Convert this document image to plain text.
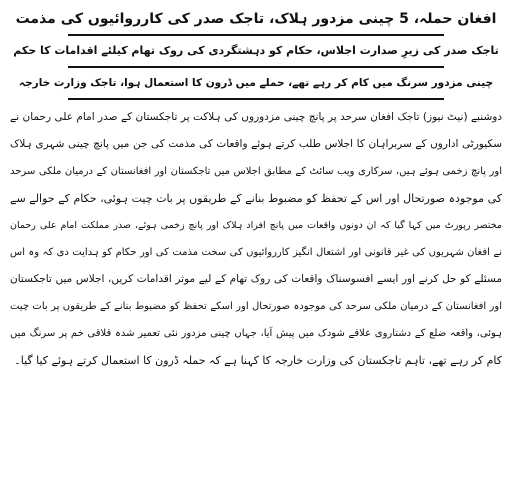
افغان حملہ، 5 چینی مزدور ہلاک، تاجک صدر کی کارروائیوں کی مذمت
تاجک صدر کی زیرِ صدارت اجلاس، حکام کو دہشتگردی کی روک تھام کیلئے اقدامات کا حکم
چینی مزدور سرنگ میں کام کر رہے تھے، حملے میں ڈرون کا استعمال ہوا، تاجک وزارت خارجہ
دوشنبے (نیٹ نیوز) تاجک افغان سرحد پر پانچ چینی مزدوروں کی ہلاکت پر تاجکستان کے صدر امام علی رحمان نے
سکیورٹی اداروں کے سربراہان کا اجلاس طلب کرتے ہوئے واقعات کی مذمت کی جن میں پانچ چینی شہری ہلاک
اور پانچ زخمی ہوئے ہیں، سرکاری ویب سائٹ کے مطابق اجلاس میں تاجکستان اور افغانستان کے درمیان ملکی سرحد
کی موجودہ صورتحال اور اس کے تحفظ کو مضبوط بنانے کے طریقوں پر بات چیت ہوئی، حکام کے حوالے سے
مختصر رپورٹ میں کہا گیا کہ ان دونوں واقعات میں پانچ افراد ہلاک اور پانچ زخمی ہوئے، صدر مملکت امام علی رحمان
نے افغان شہریوں کی غیر قانونی اور اشتعال انگیز کارروائیوں کی سخت مذمت کی اور حکام کو ہدایت دی کہ وہ اس
مسئلے کو حل کرنے اور ایسے افسوسناک واقعات کی روک تھام کے لیے موثر اقدامات کریں، اجلاس میں تاجکستان
اور افغانستان کے درمیان ملکی سرحد کی موجودہ صورتحال اور اسکے تحفظ کو مضبوط بنانے کے طریقوں پر بات چیت
ہوئی، واقعہ ضلع کے دشتاروی علاقے شودک میں پیش آیا، جہاں چینی مزدور نئی تعمیر شدہ قلاقی خم پر سرنگ میں
کام کر رہے تھے، تاہم تاجکستان کی وزارت خارجہ کا کہنا ہے کہ حملہ ڈرون کا استعمال کرتے ہوئے کیا گیا۔
